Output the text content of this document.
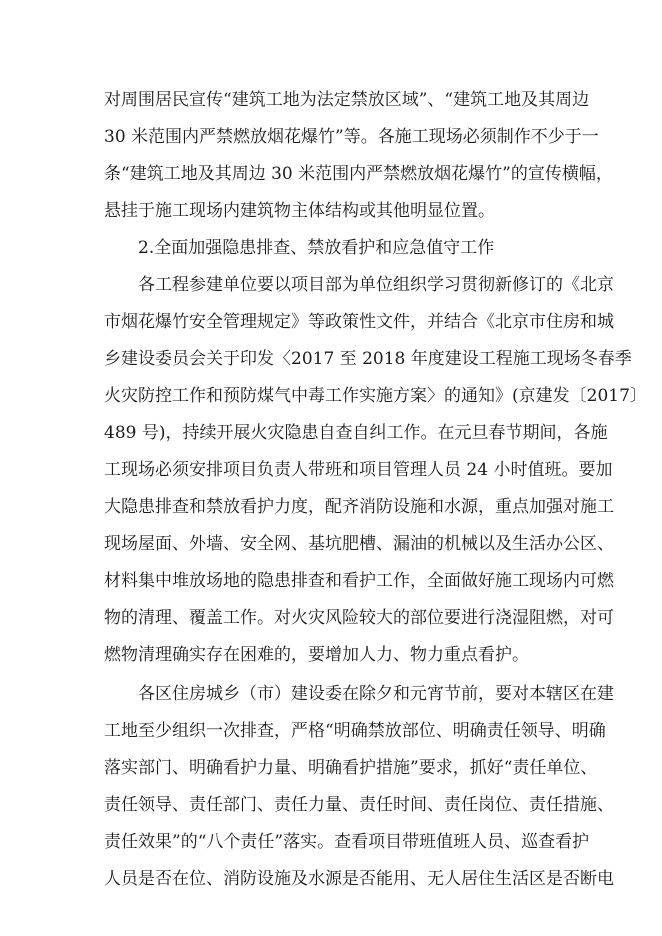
对周围居民宣传“建筑工地为法定禁放区域”、“建筑工地及其周边
30 米范围内严禁燃放烟花爆竹”等。各施工现场必须制作不少于一
条“建筑工地及其周边 30 米范围内严禁燃放烟花爆竹”的宣传横幅，
悬挂于施工现场内建筑物主体结构或其他明显位置。
2.全面加强隐患排查、禁放看护和应急值守工作
各工程参建单位要以项目部为单位组织学习贯彻新修订的《北京
市烟花爆竹安全管理规定》等政策性文件，并结合《北京市住房和城
乡建设委员会关于印发〈2017 至 2018 年度建设工程施工现场冬春季
火灾防控工作和预防煤气中毒工作实施方案〉的通知》(京建发〔2017〕
489 号)，持续开展火灾隐患自查自纠工作。在元旦春节期间，各施
工现场必须安排项目负责人带班和项目管理人员 24 小时值班。要加
大隐患排查和禁放看护力度，配齐消防设施和水源，重点加强对施工
现场屋面、外墙、安全网、基坑肥槽、漏油的机械以及生活办公区、
材料集中堆放场地的隐患排查和看护工作，全面做好施工现场内可燃
物的清理、覆盖工作。对火灾风险较大的部位要进行浇湿阻燃，对可
燃物清理确实存在困难的，要增加人力、物力重点看护。
各区住房城乡（市）建设委在除夕和元宵节前，要对本辖区在建
工地至少组织一次排查，严格“明确禁放部位、明确责任领导、明确
落实部门、明确看护力量、明确看护措施”要求，抓好“责任单位、
责任领导、责任部门、责任力量、责任时间、责任岗位、责任措施、
责任效果”的“八个责任”落实。查看项目带班值班人员、巡查看护
人员是否在位、消防设施及水源是否能用、无人居住生活区是否断电
